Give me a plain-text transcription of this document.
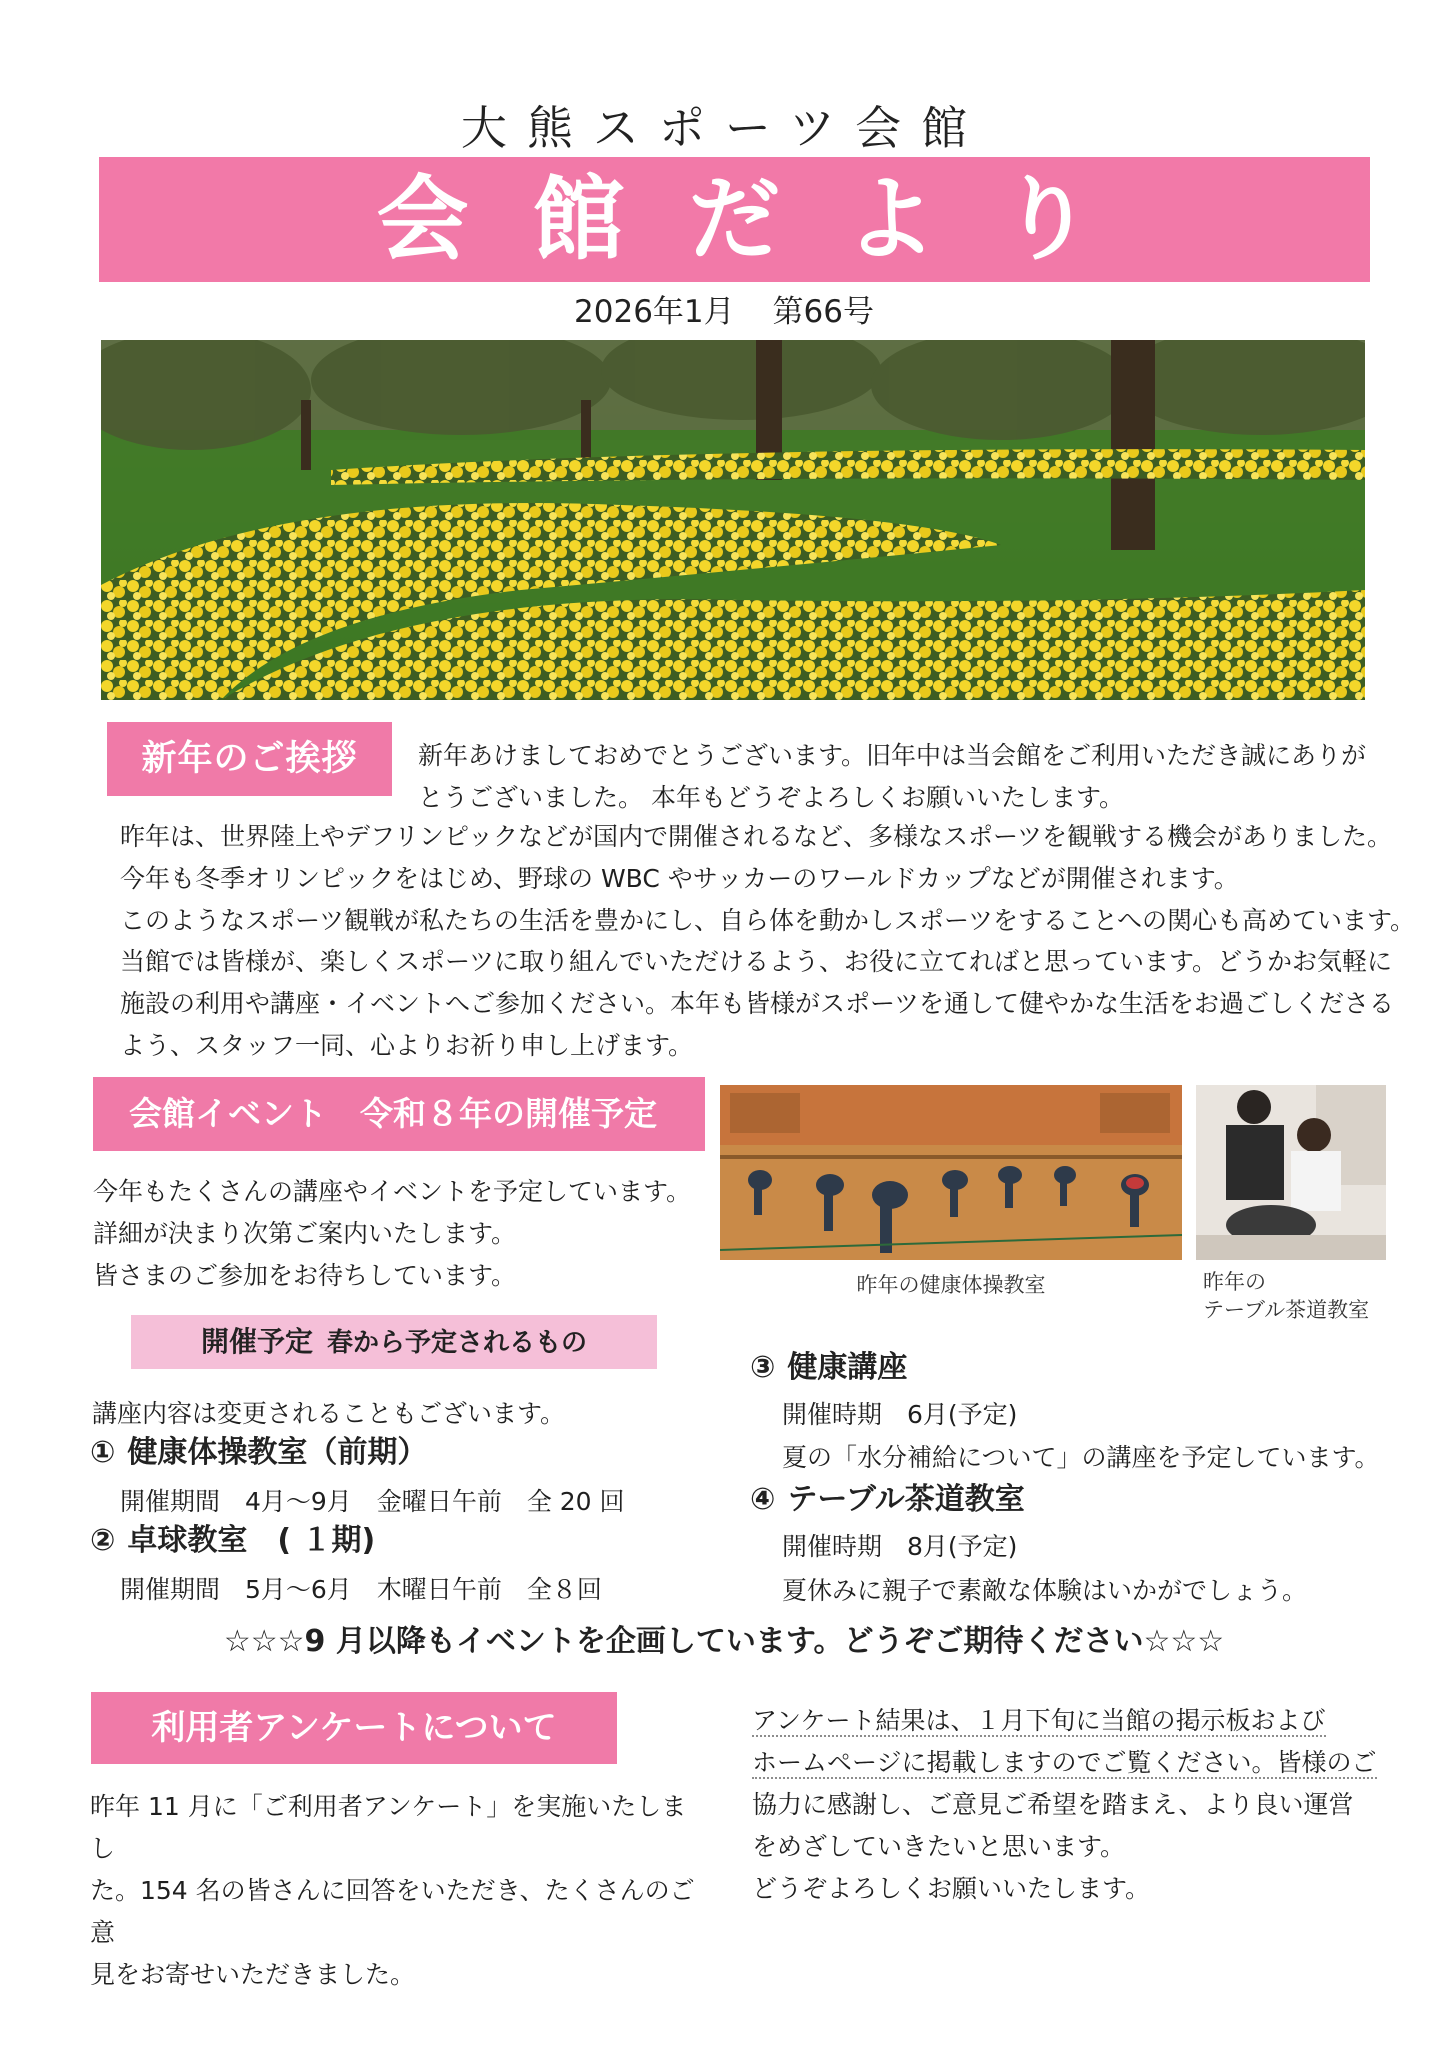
大熊スポーツ会館
会館だより
2026年1月 第66号
新年のご挨拶	新年あけましておめでとうございます。旧年中は当会館をご利用いただき誠にありがとうございました。 本年もどうぞよろしくお願いいたします。
昨年は、世界陸上やデフリンピックなどが国内で開催されるなど、多様なスポーツを観戦する機会がありました。
今年も冬季オリンピックをはじめ、野球の WBC やサッカーのワールドカップなどが開催されます。
このようなスポーツ観戦が私たちの生活を豊かにし、自ら体を動かしスポーツをすることへの関心も高めています。
当館では皆様が、楽しくスポーツに取り組んでいただけるよう、お役に立てればと思っています。どうかお気軽に
施設の利用や講座・イベントへご参加ください。本年も皆様がスポーツを通して健やかな生活をお過ごしくださる
よう、スタッフ一同、心よりお祈り申し上げます。
会館イベント　令和８年の開催予定
今年もたくさんの講座やイベントを予定しています。
詳細が決まり次第ご案内いたします。
皆さまのご参加をお待ちしています。	昨年の健康体操教室	昨年の
テーブル茶道教室
開催予定 春から予定されるもの
講座内容は変更されることもございます。
① 健康体操教室（前期）
開催期間　4月～9月　金曜日午前　全 20 回
② 卓球教室　( １期)
開催期間　5月～6月　木曜日午前　全８回
③ 健康講座
開催時期　6月(予定)
夏の「水分補給について」の講座を予定しています。
④ テーブル茶道教室
開催時期　8月(予定)
夏休みに親子で素敵な体験はいかがでしょう。
☆☆☆9 月以降もイベントを企画しています。どうぞご期待ください☆☆☆
利用者アンケートについて
昨年 11 月に「ご利用者アンケート」を実施いたしまし
た。154 名の皆さんに回答をいただき、たくさんのご意
見をお寄せいただきました。
アンケート結果は、１月下旬に当館の掲示板および
ホームページに掲載しますのでご覧ください。皆様のご
協力に感謝し、ご意見ご希望を踏まえ、より良い運営
をめざしていきたいと思います。
どうぞよろしくお願いいたします。
